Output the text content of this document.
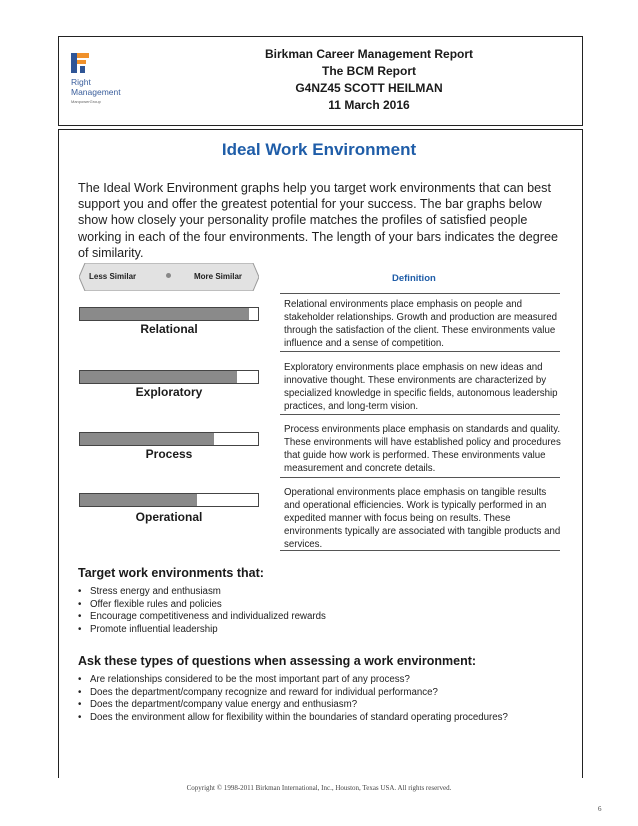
Right
Management
ManpowerGroup
Birkman Career Management Report
The BCM Report
G4NZ45 SCOTT HEILMAN
11 March 2016
Ideal Work Environment
The Ideal Work Environment graphs help you target work environments that can best support you and offer the greatest potential for your success. The bar graphs below show how closely your personality profile matches the profiles of satisfied people working in each of the four environments. The length of your bars indicates the degree of similarity.
Less Similar	More Similar	Definition
Relational
Relational environments place emphasis on people and stakeholder relationships. Growth and production are measured through the satisfaction of the client. These environments value influence and a sense of competition.
Exploratory
Exploratory environments place emphasis on new ideas and innovative thought. These environments are characterized by specialized knowledge in specific fields, autonomous leadership practices, and long-term vision.
Process
Process environments place emphasis on standards and quality. These environments will have established policy and procedures that guide how work is performed. These environments value measurement and concrete details.
Operational
Operational environments place emphasis on tangible results and operational efficiencies. Work is typically performed in an expedited manner with focus being on results. These environments typically are associated with tangible products and services.
Target work environments that:
• Stress energy and enthusiasm
• Offer flexible rules and policies
• Encourage competitiveness and individualized rewards
• Promote influential leadership
Ask these types of questions when assessing a work environment:
• Are relationships considered to be the most important part of any process?
• Does the department/company recognize and reward for individual performance?
• Does the department/company value energy and enthusiasm?
• Does the environment allow for flexibility within the boundaries of standard operating procedures?
Copyright © 1998-2011 Birkman International, Inc., Houston, Texas USA. All rights reserved.
6
